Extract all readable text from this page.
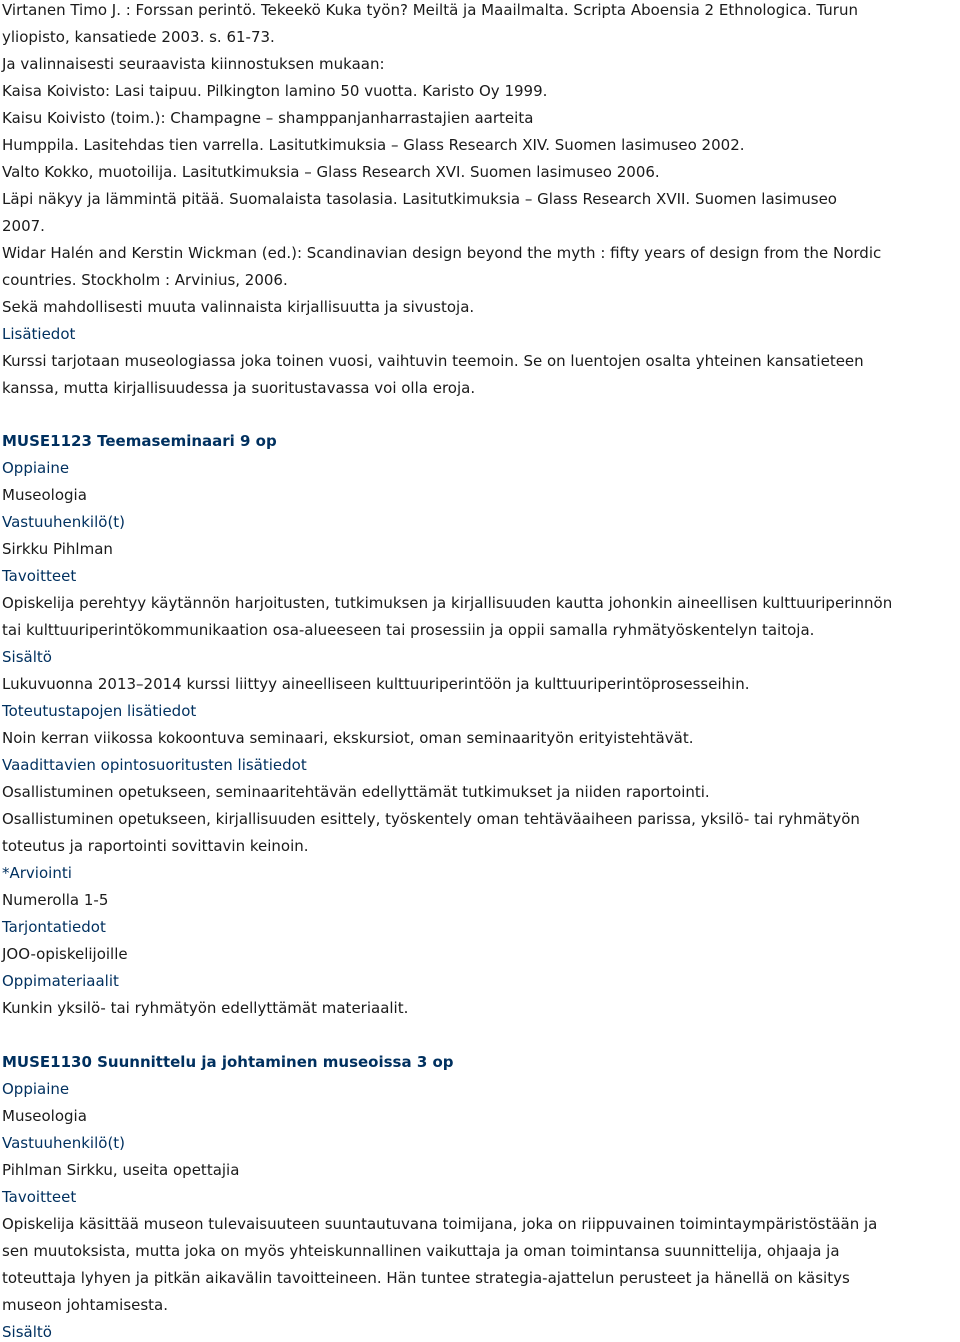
Virtanen Timo J. : Forssan perintö. Tekeekö Kuka työn? Meiltä ja Maailmalta. Scripta Aboensia 2 Ethnologica. Turun
yliopisto, kansatiede 2003. s. 61-73.
Ja valinnaisesti seuraavista kiinnostuksen mukaan:
Kaisa Koivisto: Lasi taipuu. Pilkington lamino 50 vuotta. Karisto Oy 1999.
Kaisu Koivisto (toim.): Champagne – shamppanjanharrastajien aarteita
Humppila. Lasitehdas tien varrella. Lasitutkimuksia – Glass Research XIV. Suomen lasimuseo 2002.
Valto Kokko, muotoilija. Lasitutkimuksia – Glass Research XVI. Suomen lasimuseo 2006.
Läpi näkyy ja lämmintä pitää. Suomalaista tasolasia. Lasitutkimuksia – Glass Research XVII. Suomen lasimuseo
2007.
Widar Halén and Kerstin Wickman (ed.): Scandinavian design beyond the myth : fifty years of design from the Nordic
countries. Stockholm : Arvinius, 2006.
Sekä mahdollisesti muuta valinnaista kirjallisuutta ja sivustoja.
Lisätiedot
Kurssi tarjotaan museologiassa joka toinen vuosi, vaihtuvin teemoin. Se on luentojen osalta yhteinen kansatieteen
kanssa, mutta kirjallisuudessa ja suoritustavassa voi olla eroja.
MUSE1123 Teemaseminaari 9 op
Oppiaine
Museologia
Vastuuhenkilö(t)
Sirkku Pihlman
Tavoitteet
Opiskelija perehtyy käytännön harjoitusten, tutkimuksen ja kirjallisuuden kautta johonkin aineellisen kulttuuriperinnön
tai kulttuuriperintökommunikaation osa-alueeseen tai prosessiin ja oppii samalla ryhmätyöskentelyn taitoja.
Sisältö
Lukuvuonna 2013–2014 kurssi liittyy aineelliseen kulttuuriperintöön ja kulttuuriperintöprosesseihin.
Toteutustapojen lisätiedot
Noin kerran viikossa kokoontuva seminaari, ekskursiot, oman seminaarityön erityistehtävät.
Vaadittavien opintosuoritusten lisätiedot
Osallistuminen opetukseen, seminaaritehtävän edellyttämät tutkimukset ja niiden raportointi.
Osallistuminen opetukseen, kirjallisuuden esittely, työskentely oman tehtäväaiheen parissa, yksilö- tai ryhmätyön
toteutus ja raportointi sovittavin keinoin.
*Arviointi
Numerolla 1-5
Tarjontatiedot
JOO-opiskelijoille
Oppimateriaalit
Kunkin yksilö- tai ryhmätyön edellyttämät materiaalit.
MUSE1130 Suunnittelu ja johtaminen museoissa 3 op
Oppiaine
Museologia
Vastuuhenkilö(t)
Pihlman Sirkku, useita opettajia
Tavoitteet
Opiskelija käsittää museon tulevaisuuteen suuntautuvana toimijana, joka on riippuvainen toimintaympäristöstään ja
sen muutoksista, mutta joka on myös yhteiskunnallinen vaikuttaja ja oman toimintansa suunnittelija, ohjaaja ja
toteuttaja lyhyen ja pitkän aikavälin tavoitteineen. Hän tuntee strategia-ajattelun perusteet ja hänellä on käsitys
museon johtamisesta.
Sisältö
